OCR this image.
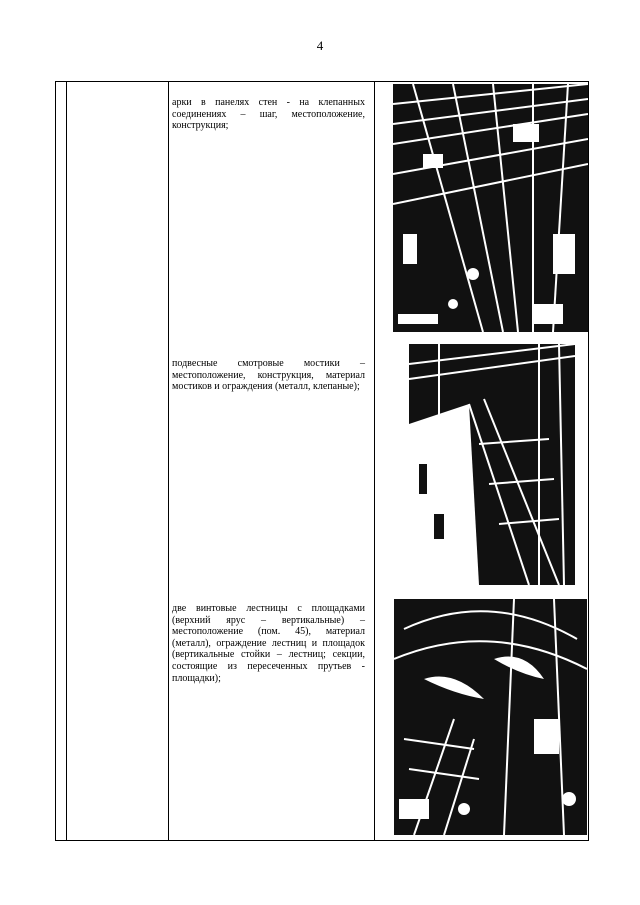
4
арки в панелях стен - на клепанных соединениях – шаг, местоположение, конструкция;
подвесные смотровые мостики – местоположение, конструкция, материал мостиков и ограждения (металл, клепаные);
две винтовые лестницы с площадками (верхний ярус – вертикальные) – местоположение (пом. 45), материал (металл), ограждение лестниц и площадок (вертикальные стойки – лестниц; секции, состоящие из пересеченных прутьев - площадки);
